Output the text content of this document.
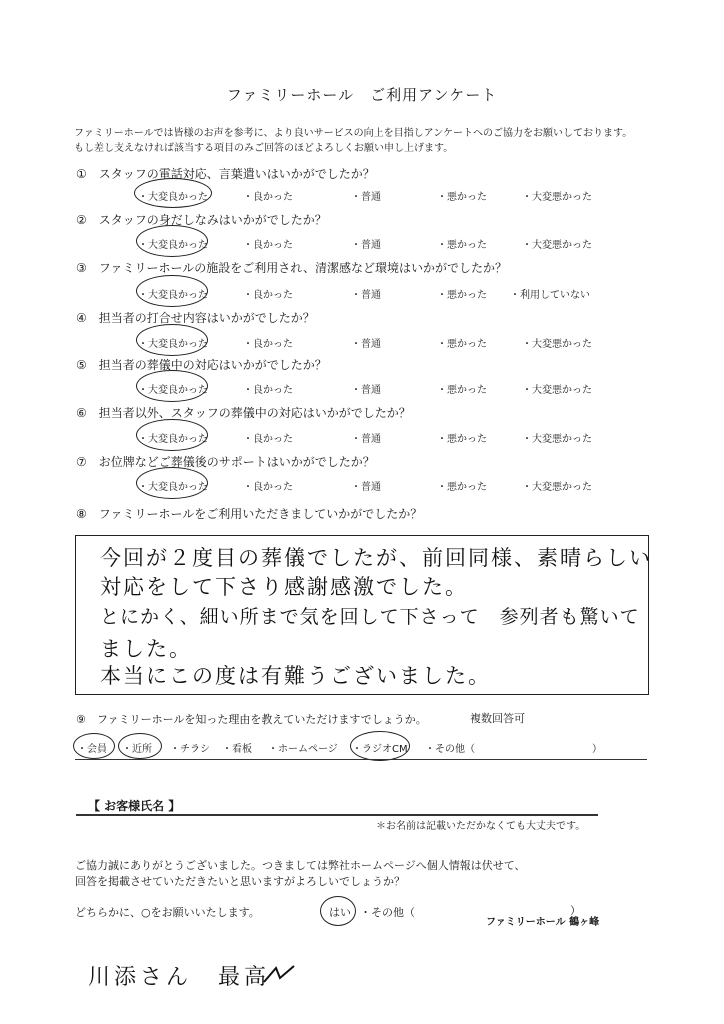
ファミリーホール　ご利用アンケート
ファミリーホールでは皆様のお声を参考に、より良いサービスの向上を目指しアンケートへのご協力をお願いしております。
もし差し支えなければ該当する項目のみご回答のほどよろしくお願い申し上げます。
①　スタッフの電話対応、言葉遣いはいかがでしたか？
・大変良かった	・良かった	・普通	・悪かった	・大変悪かった
②　スタッフの身だしなみはいかがでしたか？
・大変良かった	・良かった	・普通	・悪かった	・大変悪かった
③　ファミリーホールの施設をご利用され、清潔感など環境はいかがでしたか？
・大変良かった	・良かった	・普通	・悪かった ・利用していない
④　担当者の打合せ内容はいかがでしたか？
・大変良かった	・良かった	・普通	・悪かった	・大変悪かった
⑤　担当者の葬儀中の対応はいかがでしたか？
・大変良かった	・良かった	・普通	・悪かった	・大変悪かった
⑥　担当者以外、スタッフの葬儀中の対応はいかがでしたか？
・大変良かった	・良かった	・普通	・悪かった	・大変悪かった
⑦　お位牌などご葬儀後のサポートはいかがでしたか？
・大変良かった	・良かった	・普通	・悪かった	・大変悪かった
⑧　ファミリーホールをご利用いただきましていかがでしたか？
今回が２度目の葬儀でしたが、前回同様、素晴らしい
対応をして下さり感謝感激でした。
とにかく、細い所まで気を回して下さって　参列者も驚いて
ました。
本当にこの度は有難うございました。
⑨　ファミリーホールを知った理由を教えていただけますでしょうか。	複数回答可
・会員 ・近所 ・チラシ ・看板 ・ホームページ ・ラジオCM ・その他（	）
【 お客様氏名 】
＊お名前は記載いただかなくても大丈夫です。
ご協力誠にありがとうございました。つきましては弊社ホームページへ個人情報は伏せて、
回答を掲載させていただきたいと思いますがよろしいでしょうか？
どちらかに、○をお願いいたします。	はい ・その他（	）
ファミリーホール 鶴ヶ峰
川添さん　最高
